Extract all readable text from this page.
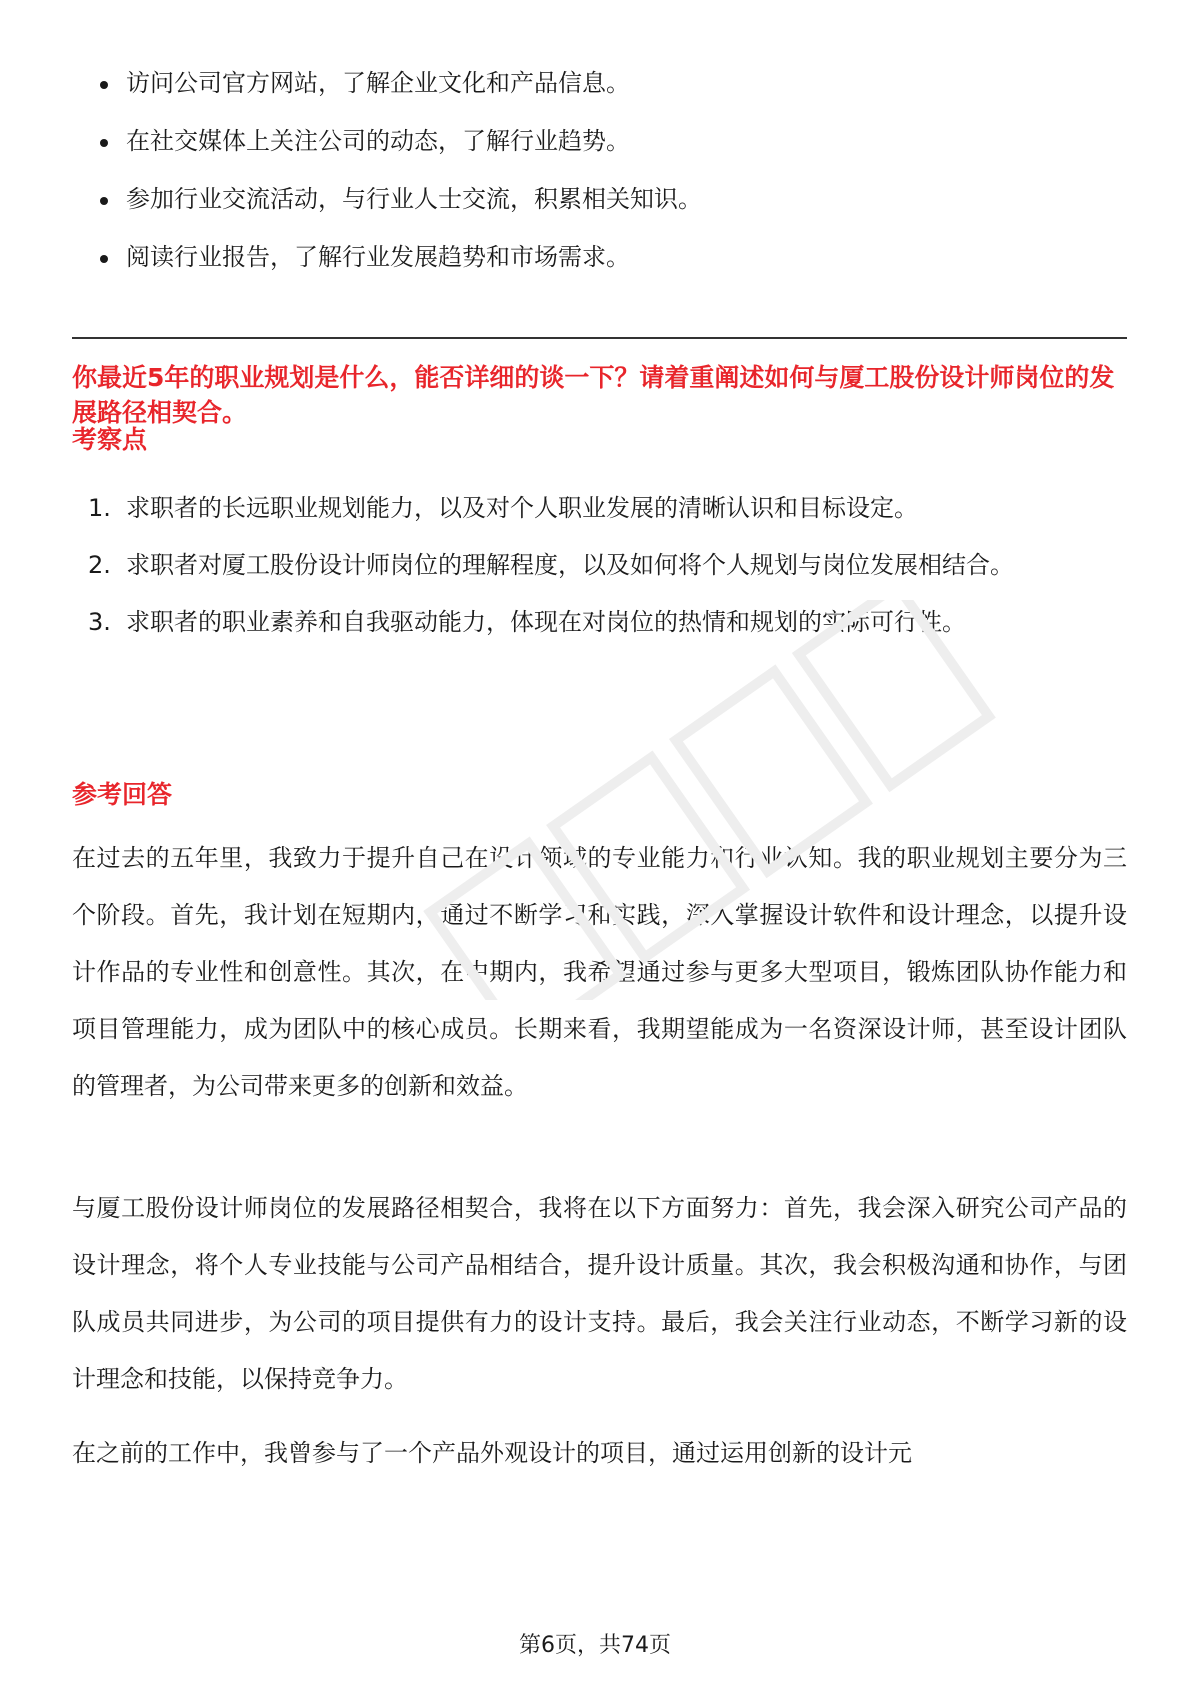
访问公司官方网站，了解企业文化和产品信息。
在社交媒体上关注公司的动态，了解行业趋势。
参加行业交流活动，与行业人士交流，积累相关知识。
阅读行业报告，了解行业发展趋势和市场需求。
你最近5年的职业规划是什么，能否详细的谈一下？请着重阐述如何与厦工股份设计师岗位的发展路径相契合。
考察点
1. 求职者的长远职业规划能力，以及对个人职业发展的清晰认识和目标设定。
2. 求职者对厦工股份设计师岗位的理解程度，以及如何将个人规划与岗位发展相结合。
3. 求职者的职业素养和自我驱动能力，体现在对岗位的热情和规划的实际可行性。
参考回答

在过去的五年里，我致力于提升自己在设计领域的专业能力和行业认知。我的职业规划主要分为三个阶段。首先，我计划在短期内，通过不断学习和实践，深入掌握设计软件和设计理念，以提升设计作品的专业性和创意性。其次，在中期内，我希望通过参与更多大型项目，锻炼团队协作能力和项目管理能力，成为团队中的核心成员。长期来看，我期望能成为一名资深设计师，甚至设计团队的管理者，为公司带来更多的创新和效益。

与厦工股份设计师岗位的发展路径相契合，我将在以下方面努力：首先，我会深入研究公司产品的设计理念，将个人专业技能与公司产品相结合，提升设计质量。其次，我会积极沟通和协作，与团队成员共同进步，为公司的项目提供有力的设计支持。最后，我会关注行业动态，不断学习新的设计理念和技能，以保持竞争力。

在之前的工作中，我曾参与了一个产品外观设计的项目，通过运用创新的设计元

第6页，共74页
